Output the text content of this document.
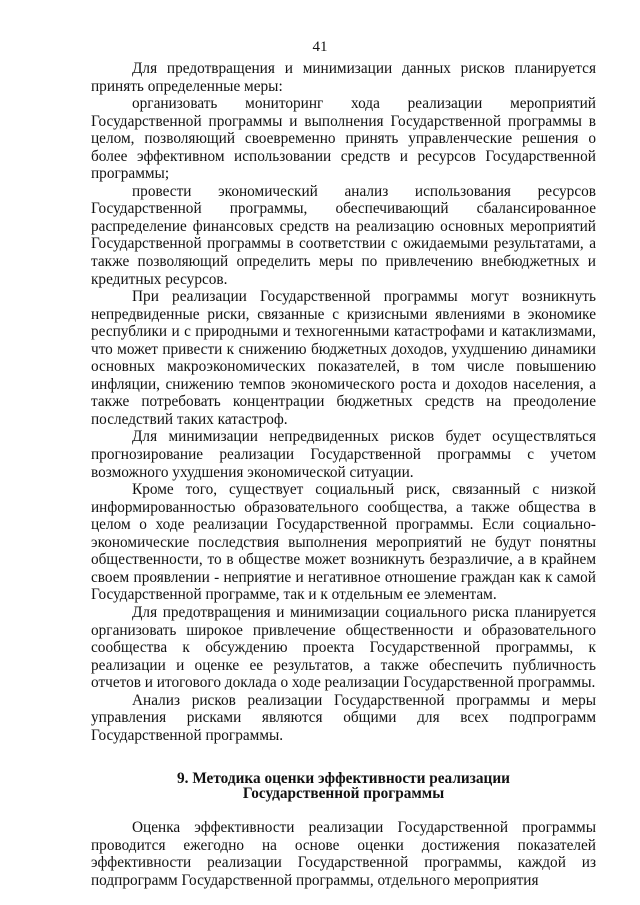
41

Для предотвращения и минимизации данных рисков планируется принять определенные меры:

организовать мониторинг хода реализации мероприятий Государственной программы и выполнения Государственной программы в целом, позволяющий своевременно принять управленческие решения о более эффективном использовании средств и ресурсов Государственной программы;

провести экономический анализ использования ресурсов Государственной программы, обеспечивающий сбалансированное распределение финансовых средств на реализацию основных мероприятий Государственной программы в соответствии с ожидаемыми результатами, а также позволяющий определить меры по привлечению внебюджетных и кредитных ресурсов.

При реализации Государственной программы могут возникнуть непредвиденные риски, связанные с кризисными явлениями в экономике республики и с природными и техногенными катастрофами и катаклизмами, что может привести к снижению бюджетных доходов, ухудшению динамики основных макроэкономических показателей, в том числе повышению инфляции, снижению темпов экономического роста и доходов населения, а также потребовать концентрации бюджетных средств на преодоление последствий таких катастроф.

Для минимизации непредвиденных рисков будет осуществляться прогнозирование реализации Государственной программы с учетом возможного ухудшения экономической ситуации.

Кроме того, существует социальный риск, связанный с низкой информированностью образовательного сообщества, а также общества в целом о ходе реализации Государственной программы. Если социально-экономические последствия выполнения мероприятий не будут понятны общественности, то в обществе может возникнуть безразличие, а в крайнем своем проявлении - неприятие и негативное отношение граждан как к самой Государственной программе, так и к отдельным ее элементам.

Для предотвращения и минимизации социального риска планируется организовать широкое привлечение общественности и образовательного сообщества к обсуждению проекта Государственной программы, к реализации и оценке ее результатов, а также обеспечить публичность отчетов и итогового доклада о ходе реализации Государственной программы.

Анализ рисков реализации Государственной программы и меры управления рисками являются общими для всех подпрограмм Государственной программы.

9. Методика оценки эффективности реализации
Государственной программы

Оценка эффективности реализации Государственной программы проводится ежегодно на основе оценки достижения показателей эффективности реализации Государственной программы, каждой из подпрограмм Государственной программы, отдельного мероприятия
